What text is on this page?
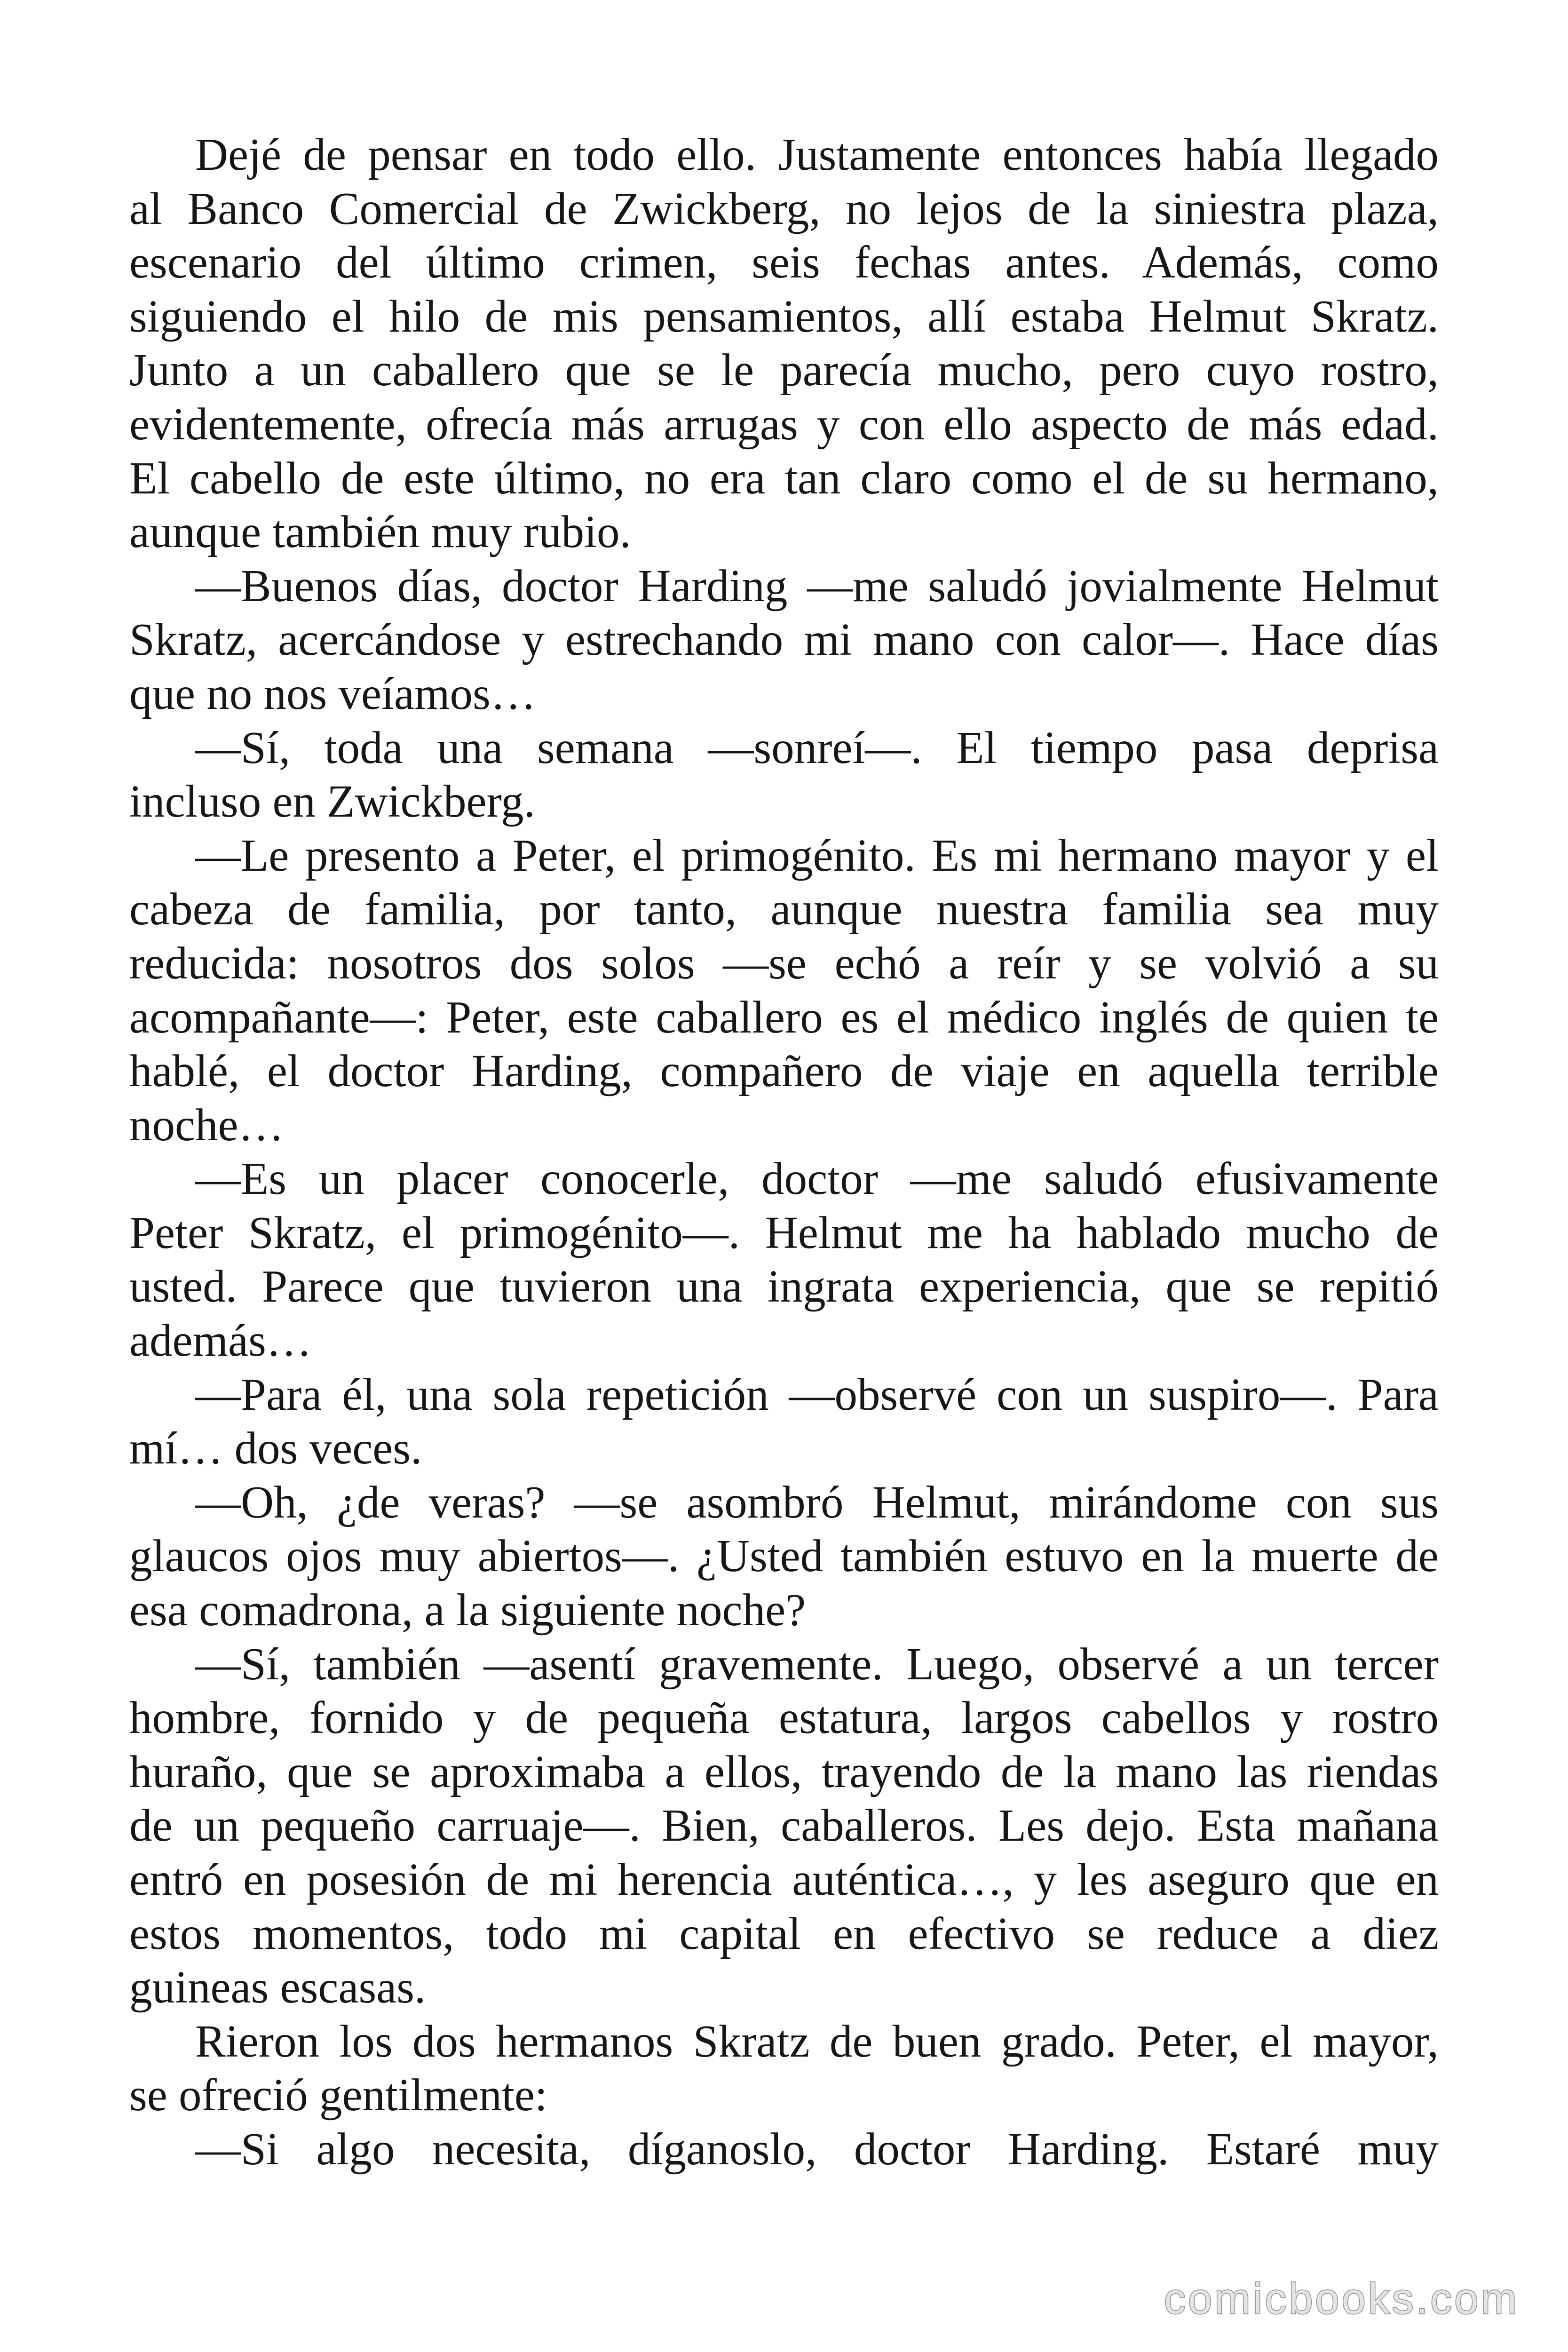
Dejé de pensar en todo ello. Justamente entonces había llegado
al Banco Comercial de Zwickberg, no lejos de la siniestra plaza,
escenario del último crimen, seis fechas antes. Además, como
siguiendo el hilo de mis pensamientos, allí estaba Helmut Skratz.
Junto a un caballero que se le parecía mucho, pero cuyo rostro,
evidentemente, ofrecía más arrugas y con ello aspecto de más edad.
El cabello de este último, no era tan claro como el de su hermano,
aunque también muy rubio.
—Buenos días, doctor Harding —me saludó jovialmente Helmut
Skratz, acercándose y estrechando mi mano con calor—. Hace días
que no nos veíamos…
—Sí, toda una semana —sonreí—. El tiempo pasa deprisa
incluso en Zwickberg.
—Le presento a Peter, el primogénito. Es mi hermano mayor y el
cabeza de familia, por tanto, aunque nuestra familia sea muy
reducida: nosotros dos solos —se echó a reír y se volvió a su
acompañante—: Peter, este caballero es el médico inglés de quien te
hablé, el doctor Harding, compañero de viaje en aquella terrible
noche…
—Es un placer conocerle, doctor —me saludó efusivamente
Peter Skratz, el primogénito—. Helmut me ha hablado mucho de
usted. Parece que tuvieron una ingrata experiencia, que se repitió
además…
—Para él, una sola repetición —observé con un suspiro—. Para
mí… dos veces.
—Oh, ¿de veras? —se asombró Helmut, mirándome con sus
glaucos ojos muy abiertos—. ¿Usted también estuvo en la muerte de
esa comadrona, a la siguiente noche?
—Sí, también —asentí gravemente. Luego, observé a un tercer
hombre, fornido y de pequeña estatura, largos cabellos y rostro
huraño, que se aproximaba a ellos, trayendo de la mano las riendas
de un pequeño carruaje—. Bien, caballeros. Les dejo. Esta mañana
entró en posesión de mi herencia auténtica…, y les aseguro que en
estos momentos, todo mi capital en efectivo se reduce a diez
guineas escasas.
Rieron los dos hermanos Skratz de buen grado. Peter, el mayor,
se ofreció gentilmente:
—Si algo necesita, díganoslo, doctor Harding. Estaré muy
comicbooks.com
